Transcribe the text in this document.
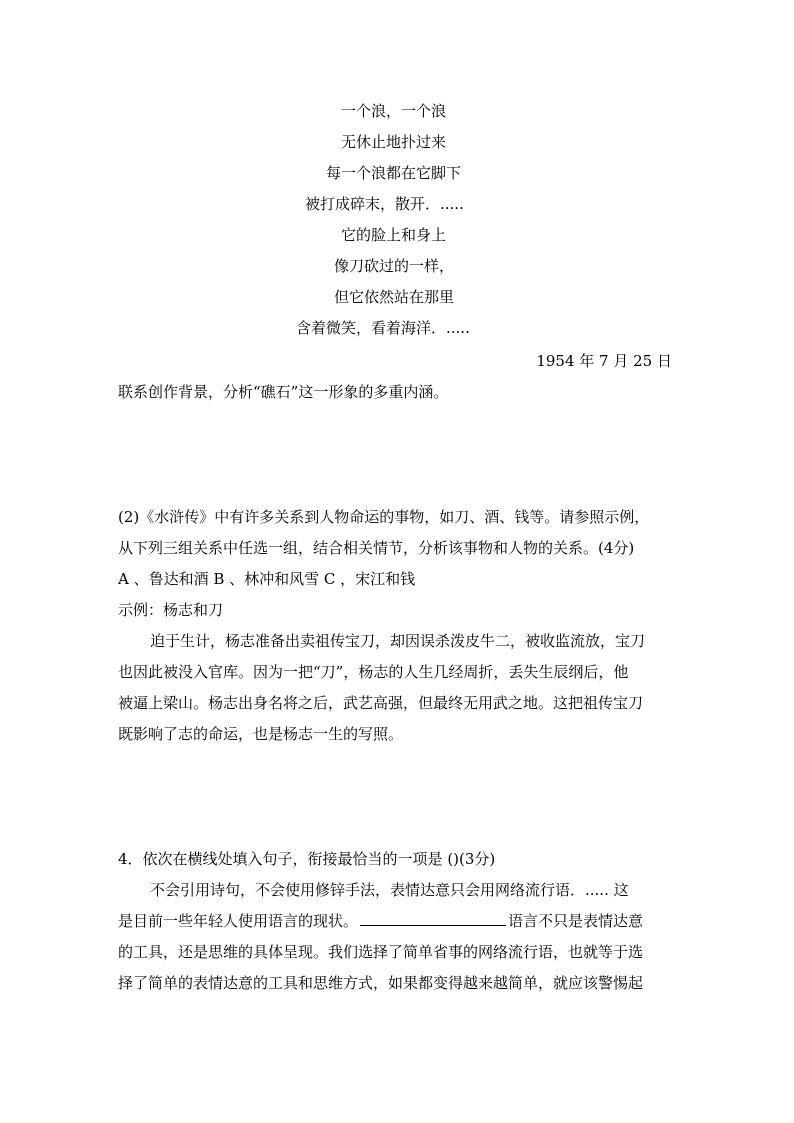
一个浪，一个浪
无休止地扑过来
每一个浪都在它脚下
被打成碎末，散开．.....
它的脸上和身上
像刀砍过的一样，
但它依然站在那里
含着微笑，看着海洋．.....
1954 年 7 月 25 日
联系创作背景，分析“礁石”这一形象的多重内涵。
(2)《水浒传》中有许多关系到人物命运的事物，如刀、酒、钱等。请参照示例，
从下列三组关系中任选一组，结合相关情节，分析该事物和人物的关系。(4分)
A 、鲁达和酒 B 、林冲和风雪 C ，宋江和钱
示例：杨志和刀
迫于生计，杨志准备出卖祖传宝刀，却因误杀泼皮牛二，被收监流放，宝刀
也因此被没入官库。因为一把“刀”，杨志的人生几经周折，丢失生辰纲后，他
被逼上梁山。杨志出身名将之后，武艺高强，但最终无用武之地。这把祖传宝刀
既影响了志的命运，也是杨志一生的写照。
4．依次在横线处填入句子，衔接最恰当的一项是 ()(3分)
不会引用诗句，不会使用修锌手法，表情达意只会用网络流行语．..... 这
是目前一些年轻人使用语言的现状。	语言不只是表情达意
的工具，还是思维的具体呈现。我们选择了简单省事的网络流行语，也就等于选
择了简单的表情达意的工具和思维方式，如果都变得越来越简单，就应该警惕起
